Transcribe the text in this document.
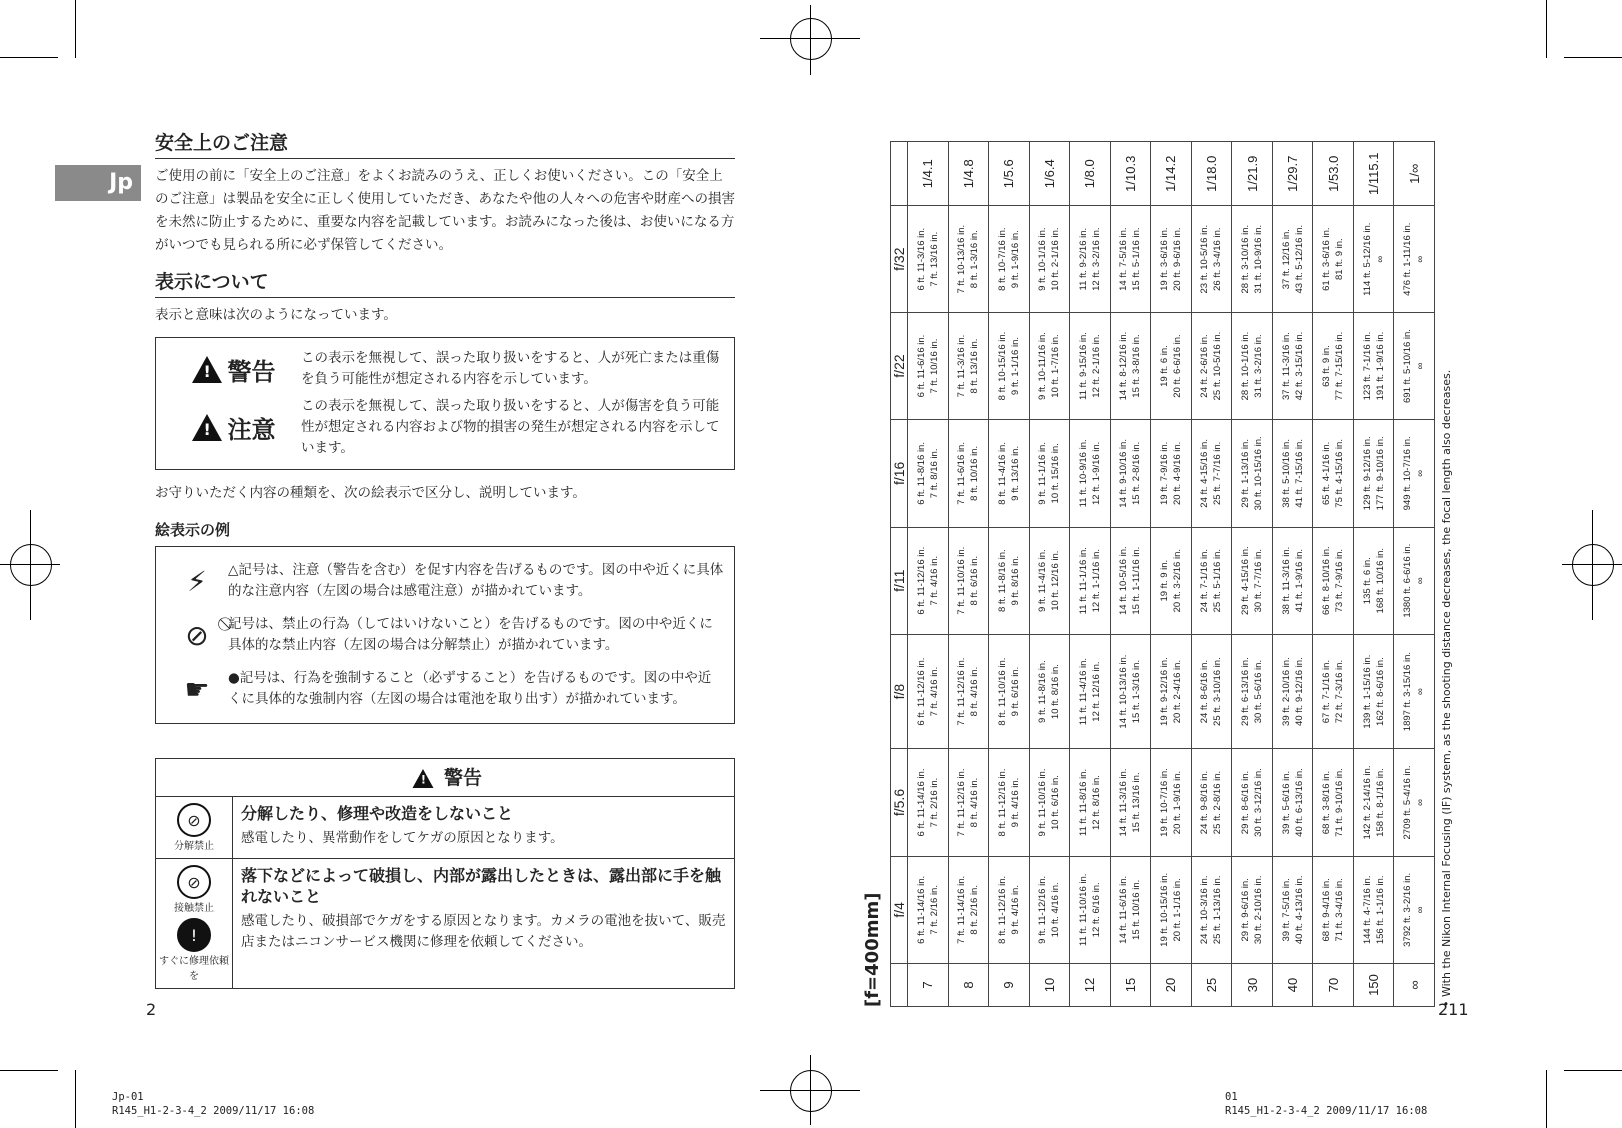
Jp
安全上のご注意

ご使用の前に「安全上のご注意」をよくお読みのうえ、正しくお使いください。この「安全上のご注意」は製品を安全に正しく使用していただき、あなたや他の人々への危害や財産への損害を未然に防止するために、重要な内容を記載しています。お読みになった後は、お使いになる方がいつでも見られる所に必ず保管してください。

表示について

表示と意味は次のようになっています。

!
警告 この表示を無視して、誤った取り扱いをすると、人が死亡または重傷を負う可能性が想定される内容を示しています。
!
注意
この表示を無視して、誤った取り扱いをすると、人が傷害を負う可能性が想定される内容および物的損害の発生が想定される内容を示しています。

お守りいただく内容の種類を、次の絵表示で区分し、説明しています。

絵表示の例
⚡	△記号は、注意（警告を含む）を促す内容を告げるものです。図の中や近くに具体的な注意内容（左図の場合は感電注意）が描かれています。
⊘	⃠記号は、禁止の行為（してはいけないこと）を告げるものです。図の中や近くに具体的な禁止内容（左図の場合は分解禁止）が描かれています。
☛	●記号は、行為を強制すること（必ずすること）を告げるものです。図の中や近くに具体的な強制内容（左図の場合は電池を取り出す）が描かれています。
!警告
⊘
分解禁止
分解したり、修理や改造をしないこと
感電したり、異常動作をしてケガの原因となります。
⊘
接触禁止
!
すぐに修理依頼を
落下などによって破損し、内部が露出したときは、露出部に手を触れないこと
感電したり、破損部でケガをする原因となります。カメラの電池を抜いて、販売店またはニコンサービス機関に修理を依頼してください。
2	211
Jp-01
R145_H1-2-3-4_2 2009/11/17 16:08
01
R145_H1-2-3-4_2 2009/11/17 16:08
[f=400mm]
	f/4	f/5.6	f/8	f/11	f/16	f/22	f/32	
7	6 ft. 11-14/16 in. 7 ft. 2/16 in.	6 ft. 11-14/16 in. 7 ft. 2/16 in.	6 ft. 11-12/16 in. 7 ft. 4/16 in.	6 ft. 11-12/16 in. 7 ft. 4/16 in.	6 ft. 11-8/16 in. 7 ft. 8/16 in.	6 ft. 11-6/16 in. 7 ft. 10/16 in.	6 ft. 11-3/16 in. 7 ft. 13/16 in.	1/4.1
8	7 ft. 11-14/16 in. 8 ft. 2/16 in.	7 ft. 11-12/16 in. 8 ft. 4/16 in.	7 ft. 11-12/16 in. 8 ft. 4/16 in.	7 ft. 11-10/16 in. 8 ft. 6/16 in.	7 ft. 11-6/16 in. 8 ft. 10/16 in.	7 ft. 11-3/16 in. 8 ft. 13/16 in.	7 ft. 10-13/16 in. 8 ft. 1-3/16 in.	1/4.8
9	8 ft. 11-12/16 in. 9 ft. 4/16 in.	8 ft. 11-12/16 in. 9 ft. 4/16 in.	8 ft. 11-10/16 in. 9 ft. 6/16 in.	8 ft. 11-8/16 in. 9 ft. 8/16 in.	8 ft. 11-4/16 in. 9 ft. 13/16 in.	8 ft. 10-15/16 in. 9 ft. 1-1/16 in.	8 ft. 10-7/16 in. 9 ft. 1-9/16 in.	1/5.6
10	9 ft. 11-12/16 in. 10 ft. 4/16 in.	9 ft. 11-10/16 in. 10 ft. 6/16 in.	9 ft. 11-8/16 in. 10 ft. 8/16 in.	9 ft. 11-4/16 in. 10 ft. 12/16 in.	9 ft. 11-1/16 in. 10 ft. 15/16 in.	9 ft. 10-11/16 in. 10 ft. 1-7/16 in.	9 ft. 10-1/16 in. 10 ft. 2-1/16 in.	1/6.4
12	11 ft. 11-10/16 in. 12 ft. 6/16 in.	11 ft. 11-8/16 in. 12 ft. 8/16 in.	11 ft. 11-4/16 in. 12 ft. 12/16 in.	11 ft. 11-1/16 in. 12 ft. 1-1/16 in.	11 ft. 10-9/16 in. 12 ft. 1-9/16 in.	11 ft. 9-15/16 in. 12 ft. 2-1/16 in.	11 ft. 9-2/16 in. 12 ft. 3-2/16 in.	1/8.0
15	14 ft. 11-6/16 in. 15 ft. 10/16 in.	14 ft. 11-3/16 in. 15 ft. 13/16 in.	14 ft. 10-13/16 in. 15 ft. 1-3/16 in.	14 ft. 10-5/16 in. 15 ft. 1-11/16 in.	14 ft. 9-10/16 in. 15 ft. 2-8/16 in.	14 ft. 8-12/16 in. 15 ft. 3-8/16 in.	14 ft. 7-5/16 in. 15 ft. 5-1/16 in.	1/10.3
20	19 ft. 10-15/16 in. 20 ft. 1-1/16 in.	19 ft. 10-7/16 in. 20 ft. 1-9/16 in.	19 ft. 9-12/16 in. 20 ft. 2-4/16 in.	19 ft. 9 in. 20 ft. 3-2/16 in.	19 ft. 7-9/16 in. 20 ft. 4-9/16 in.	19 ft. 6 in. 20 ft. 6-6/16 in.	19 ft. 3-6/16 in. 20 ft. 9-6/16 in.	1/14.2
25	24 ft. 10-3/16 in. 25 ft. 1-13/16 in.	24 ft. 9-8/16 in. 25 ft. 2-8/16 in.	24 ft. 8-6/16 in. 25 ft. 3-10/16 in.	24 ft. 7-1/16 in. 25 ft. 5-1/16 in.	24 ft. 4-15/16 in. 25 ft. 7-7/16 in.	24 ft. 2-6/16 in. 25 ft. 10-5/16 in.	23 ft. 10-5/16 in. 26 ft. 3-4/16 in.	1/18.0
30	29 ft. 9-6/16 in. 30 ft. 2-10/16 in.	29 ft. 8-6/16 in. 30 ft. 3-12/16 in.	29 ft. 6-13/16 in. 30 ft. 5-6/16 in.	29 ft. 4-15/16 in. 30 ft. 7-7/16 in.	29 ft. 1-13/16 in. 30 ft. 10-15/16 in.	28 ft. 10-1/16 in. 31 ft. 3-2/16 in.	28 ft. 3-10/16 in. 31 ft. 10-9/16 in.	1/21.9
40	39 ft. 7-5/16 in. 40 ft. 4-13/16 in.	39 ft. 5-6/16 in. 40 ft. 6-13/16 in.	39 ft. 2-10/16 in. 40 ft. 9-12/16 in.	38 ft. 11-3/16 in. 41 ft. 1-9/16 in.	38 ft. 5-10/16 in. 41 ft. 7-15/16 in.	37 ft. 11-3/16 in. 42 ft. 3-15/16 in.	37 ft. 12/16 in. 43 ft. 5-12/16 in.	1/29.7
70	68 ft. 9-4/16 in. 71 ft. 3-4/16 in.	68 ft. 3-8/16 in. 71 ft. 9-10/16 in.	67 ft. 7-1/16 in. 72 ft. 7-3/16 in.	66 ft. 8-10/16 in. 73 ft. 7-9/16 in.	65 ft. 4-1/16 in. 75 ft. 4-15/16 in.	63 ft. 9 in. 77 ft. 7-15/16 in.	61 ft. 3-6/16 in. 81 ft. 9 in.	1/53.0
150	144 ft. 4-7/16 in. 156 ft. 1-1/16 in.	142 ft. 2-14/16 in. 158 ft. 8-1/16 in.	139 ft. 1-15/16 in. 162 ft. 8-6/16 in.	135 ft. 6 in. 168 ft. 10/16 in.	129 ft. 9-12/16 in. 177 ft. 9-10/16 in.	123 ft. 7-1/16 in. 191 ft. 1-9/16 in.	114 ft. 5-12/16 in. ∞	1/115.1
∞	3792 ft. 3-2/16 in. ∞	2709 ft. 5-4/16 in. ∞	1897 ft. 3-15/16 in. ∞	1380 ft. 6-6/16 in. ∞	949 ft. 10-7/16 in. ∞	691 ft. 5-10/16 in. ∞	476 ft. 1-11/16 in. ∞	1/∞
• With the Nikon Internal Focusing (IF) system, as the shooting distance decreases, the focal length also decreases.
